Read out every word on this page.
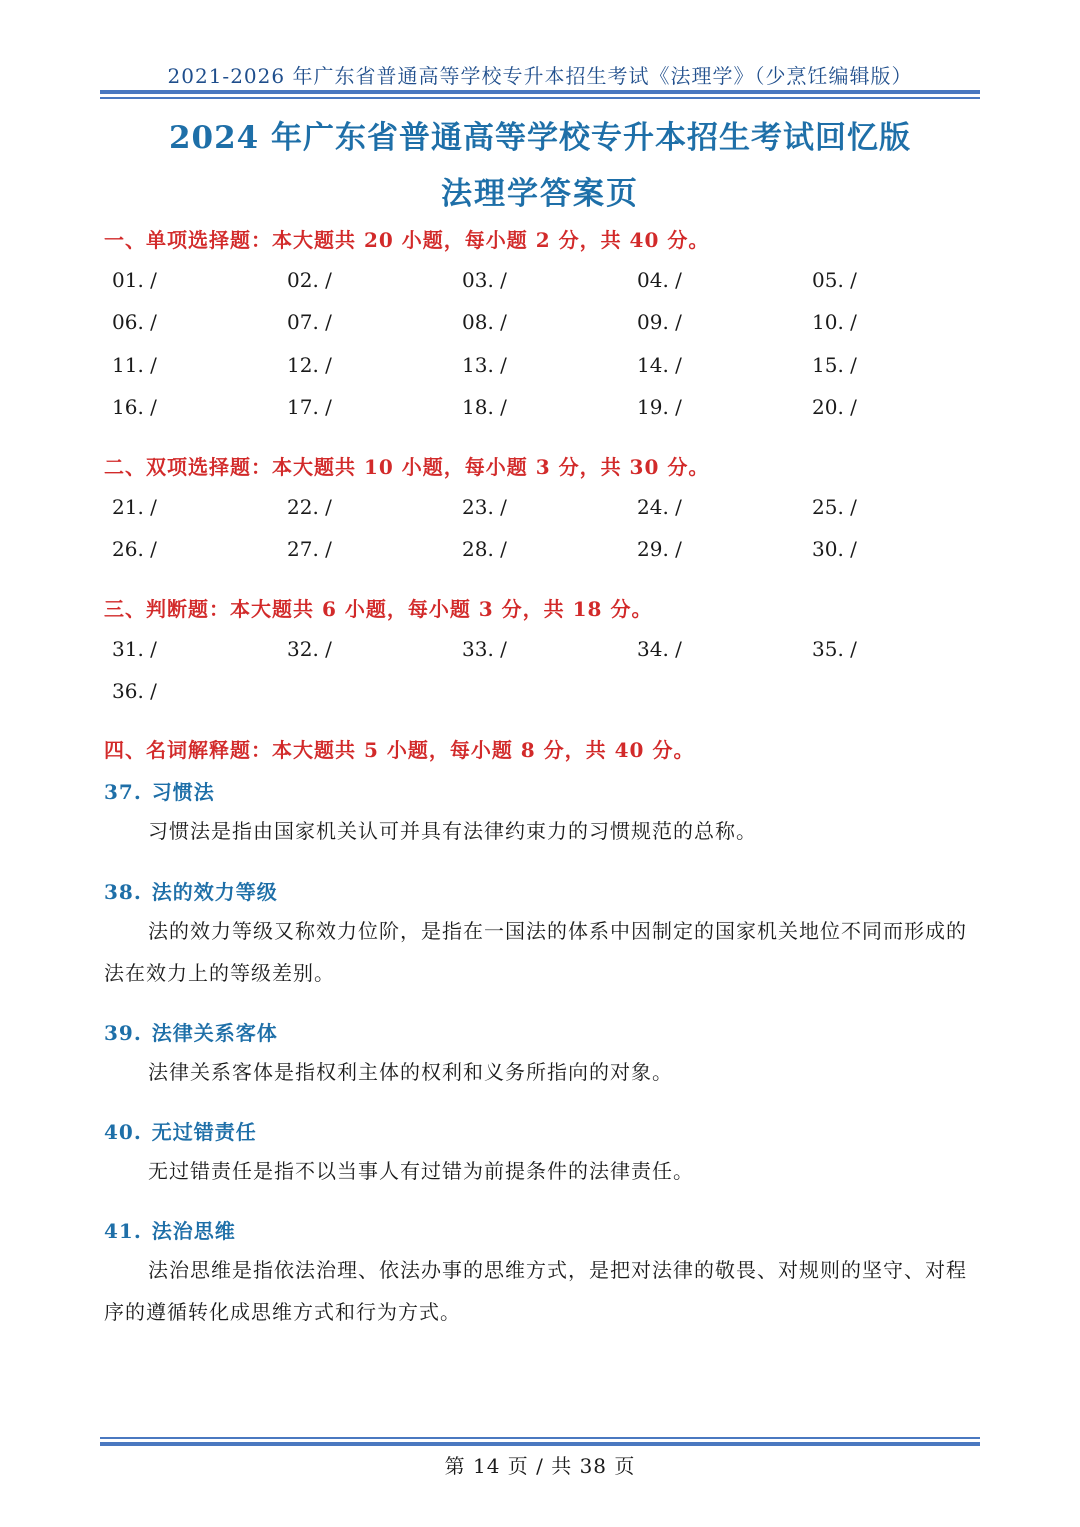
2021-2026 年广东省普通高等学校专升本招生考试《法理学》（少烹饪编辑版）
2024 年广东省普通高等学校专升本招生考试回忆版
法理学答案页
一、单项选择题：本大题共 20 小题，每小题 2 分，共 40 分。
二、双项选择题：本大题共 10 小题，每小题 3 分，共 30 分。
三、判断题：本大题共 6 小题，每小题 3 分，共 18 分。
四、名词解释题：本大题共 5 小题，每小题 8 分，共 40 分。
37. 习惯法
习惯法是指由国家机关认可并具有法律约束力的习惯规范的总称。
38. 法的效力等级
法的效力等级又称效力位阶，是指在一国法的体系中因制定的国家机关地位不同而形成的法在效力上的等级差别。
39. 法律关系客体
法律关系客体是指权利主体的权利和义务所指向的对象。
40. 无过错责任
无过错责任是指不以当事人有过错为前提条件的法律责任。
41. 法治思维
法治思维是指依法治理、依法办事的思维方式，是把对法律的敬畏、对规则的坚守、对程序的遵循转化成思维方式和行为方式。
第 14 页 / 共 38 页
01. /	02. /	03. /	04. /	05. /
06. /	07. /	08. /	09. /	10. /
11. /	12. /	13. /	14. /	15. /
16. /	17. /	18. /	19. /	20. /
21. /	22. /	23. /	24. /	25. /
26. /	27. /	28. /	29. /	30. /
31. /	32. /	33. /	34. /	35. /
36. /
